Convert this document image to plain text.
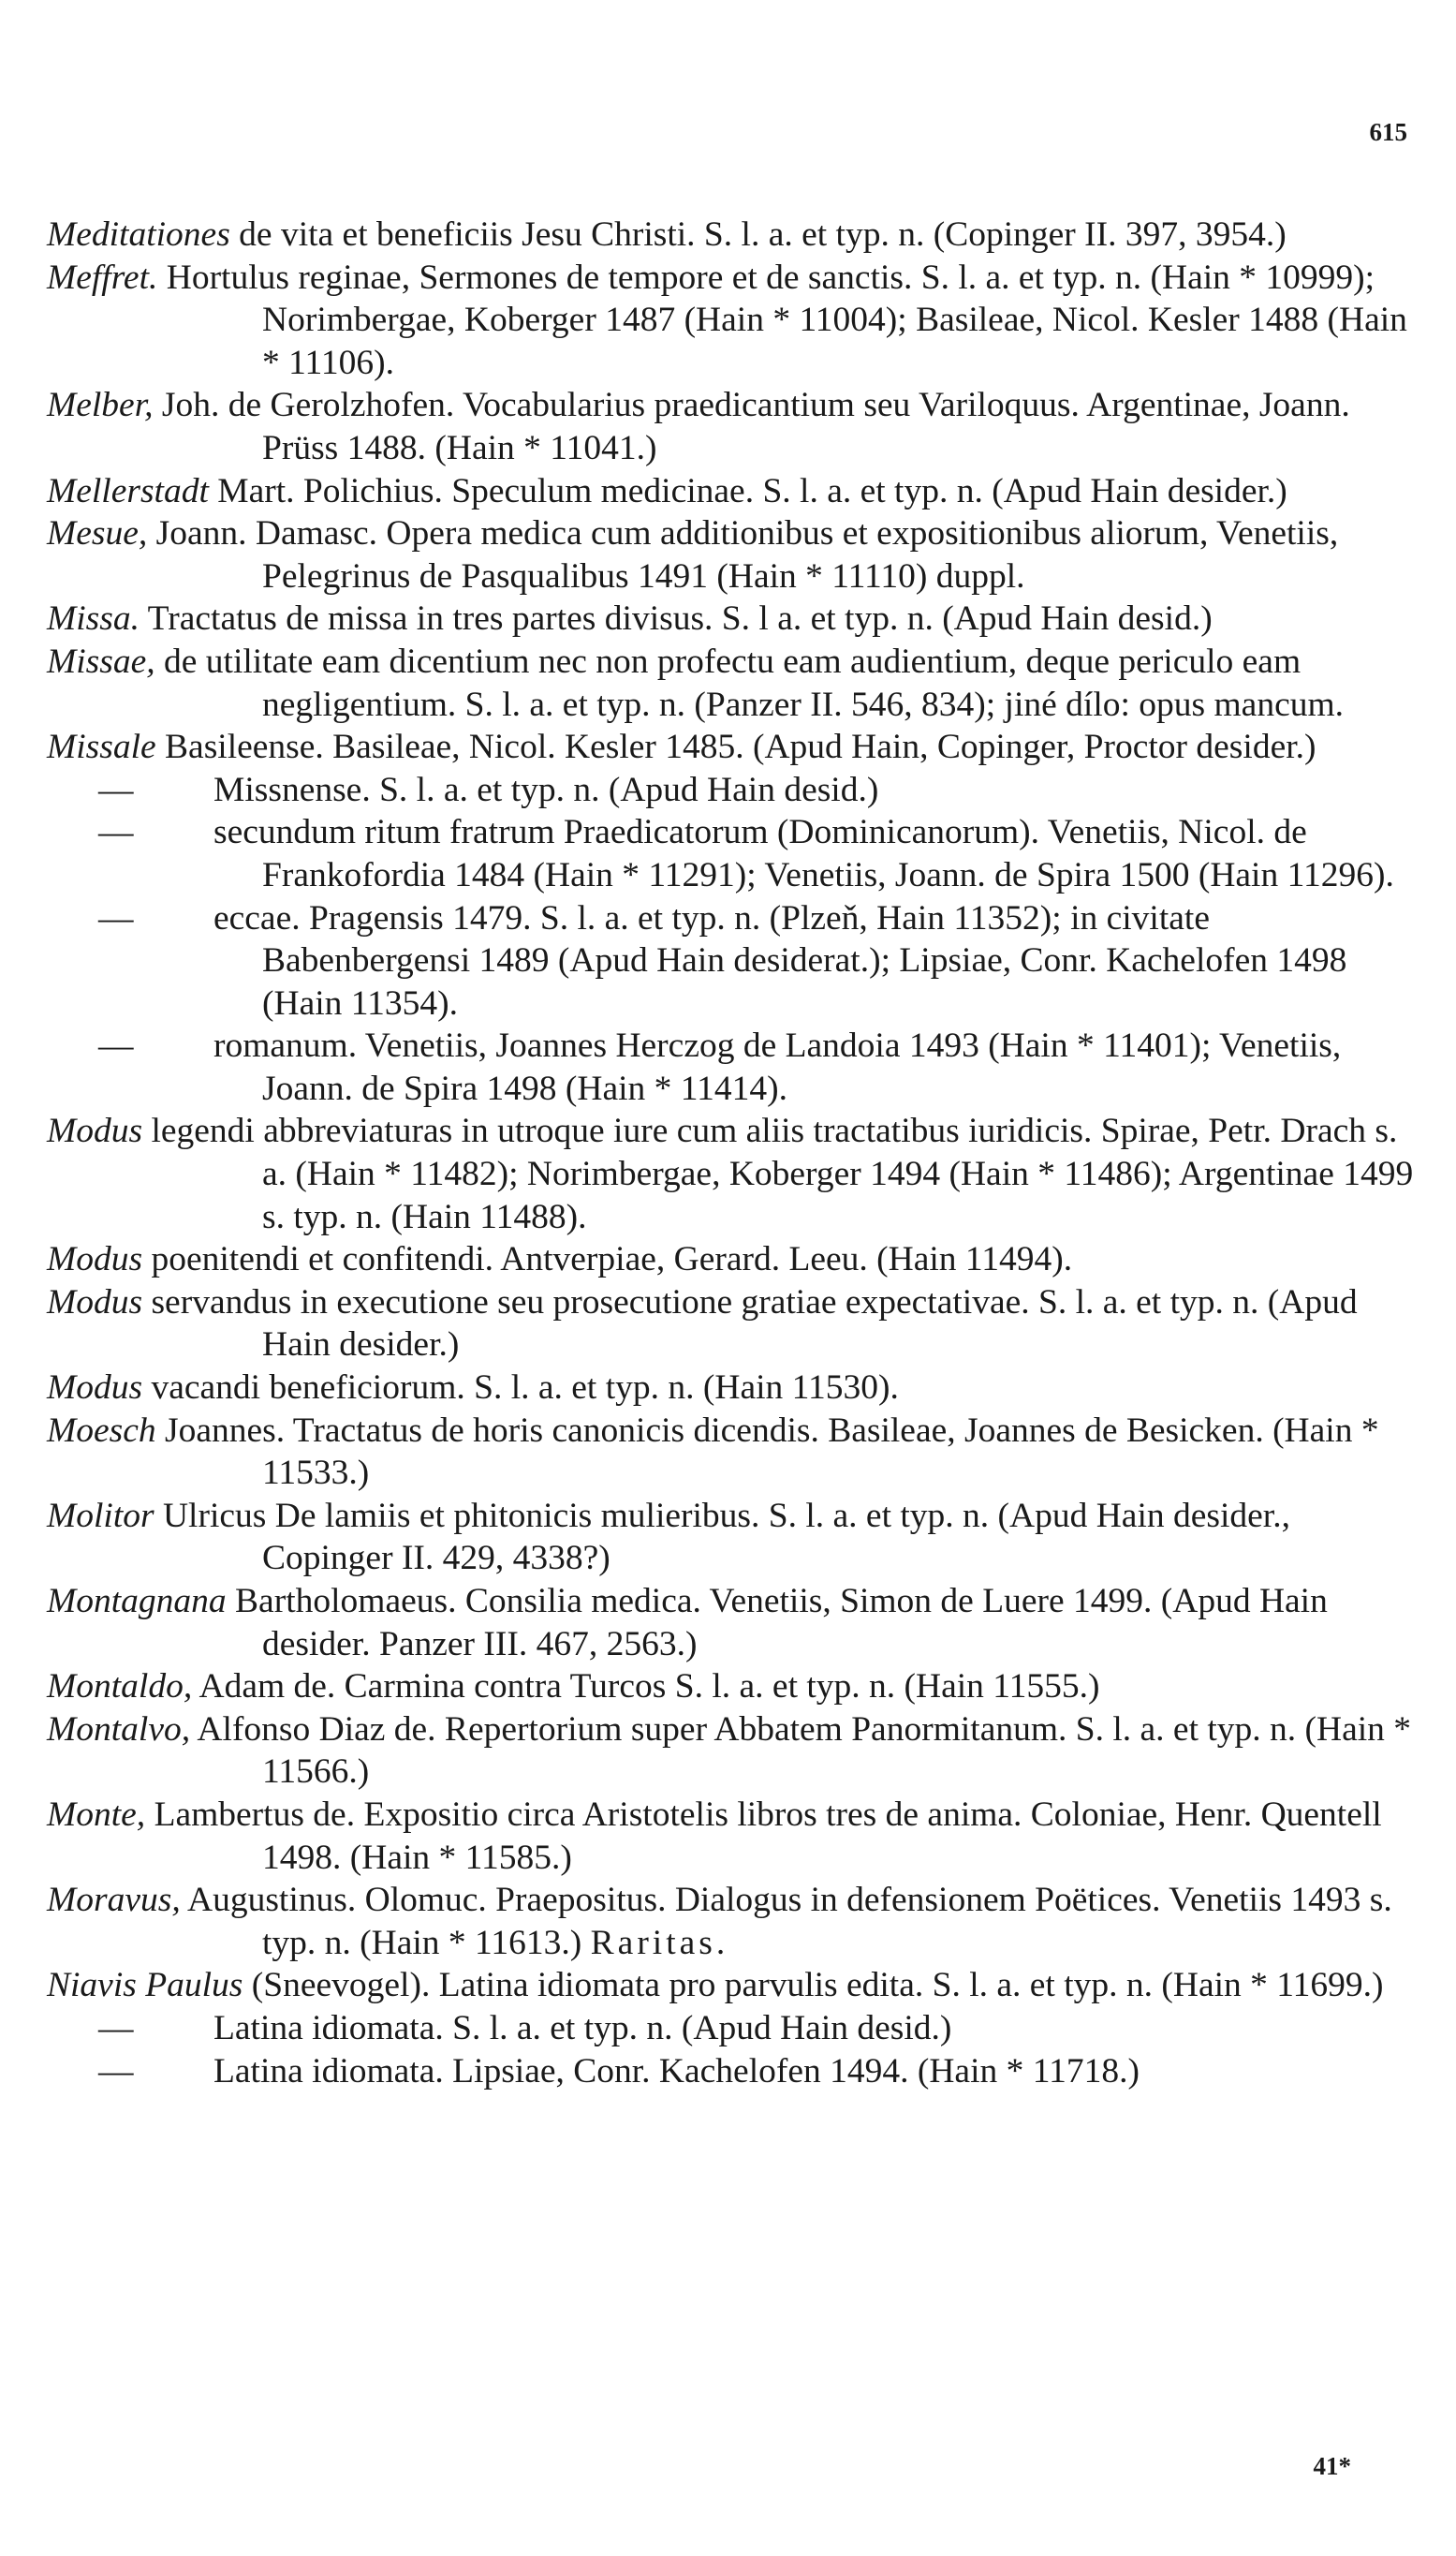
615
Meditationes de vita et beneficiis Jesu Christi. S. l. a. et typ. n. (Copinger II. 397, 3954.)
Meffret. Hortulus reginae, Sermones de tempore et de sanctis. S. l. a. et typ. n. (Hain * 10999); Norimbergae, Koberger 1487 (Hain * 11004); Basileae, Nicol. Kesler 1488 (Hain * 11106).
Melber, Joh. de Gerolzhofen. Vocabularius praedicantium seu Variloquus. Argentinae, Joann. Prüss 1488. (Hain * 11041.)
Mellerstadt Mart. Polichius. Speculum medicinae. S. l. a. et typ. n. (Apud Hain desider.)
Mesue, Joann. Damasc. Opera medica cum additionibus et expositionibus aliorum, Venetiis, Pelegrinus de Pasqualibus 1491 (Hain * 11110) duppl.
Missa. Tractatus de missa in tres partes divisus. S. l a. et typ. n. (Apud Hain desid.)
Missae, de utilitate eam dicentium nec non profectu eam audientium, deque periculo eam negligentium. S. l. a. et typ. n. (Panzer II. 546, 834); jiné dílo: opus mancum.
Missale Basileense. Basileae, Nicol. Kesler 1485. (Apud Hain, Copinger, Proctor desider.)
— Missnense. S. l. a. et typ. n. (Apud Hain desid.)
— secundum ritum fratrum Praedicatorum (Dominicanorum). Venetiis, Nicol. de Frankofordia 1484 (Hain * 11291); Venetiis, Joann. de Spira 1500 (Hain 11296).
— eccae. Pragensis 1479. S. l. a. et typ. n. (Plzeň, Hain 11352); in civitate Babenbergensi 1489 (Apud Hain desiderat.); Lipsiae, Conr. Kachelofen 1498 (Hain 11354).
— romanum. Venetiis, Joannes Herczog de Landoia 1493 (Hain * 11401); Venetiis, Joann. de Spira 1498 (Hain * 11414).
Modus legendi abbreviaturas in utroque iure cum aliis tractatibus iuridicis. Spirae, Petr. Drach s. a. (Hain * 11482); Norimbergae, Koberger 1494 (Hain * 11486); Argentinae 1499 s. typ. n. (Hain 11488).
Modus poenitendi et confitendi. Antverpiae, Gerard. Leeu. (Hain 11494).
Modus servandus in executione seu prosecutione gratiae expectativae. S. l. a. et typ. n. (Apud Hain desider.)
Modus vacandi beneficiorum. S. l. a. et typ. n. (Hain 11530).
Moesch Joannes. Tractatus de horis canonicis dicendis. Basileae, Joannes de Besicken. (Hain * 11533.)
Molitor Ulricus De lamiis et phitonicis mulieribus. S. l. a. et typ. n. (Apud Hain desider., Copinger II. 429, 4338?)
Montagnana Bartholomaeus. Consilia medica. Venetiis, Simon de Luere 1499. (Apud Hain desider. Panzer III. 467, 2563.)
Montaldo, Adam de. Carmina contra Turcos S. l. a. et typ. n. (Hain 11555.)
Montalvo, Alfonso Diaz de. Repertorium super Abbatem Panormitanum. S. l. a. et typ. n. (Hain * 11566.)
Monte, Lambertus de. Expositio circa Aristotelis libros tres de anima. Coloniae, Henr. Quentell 1498. (Hain * 11585.)
Moravus, Augustinus. Olomuc. Praepositus. Dialogus in defensionem Poëtices. Venetiis 1493 s. typ. n. (Hain * 11613.) Raritas.
Niavis Paulus (Sneevogel). Latina idiomata pro parvulis edita. S. l. a. et typ. n. (Hain * 11699.)
— Latina idiomata. S. l. a. et typ. n. (Apud Hain desid.)
— Latina idiomata. Lipsiae, Conr. Kachelofen 1494. (Hain * 11718.)
41*
